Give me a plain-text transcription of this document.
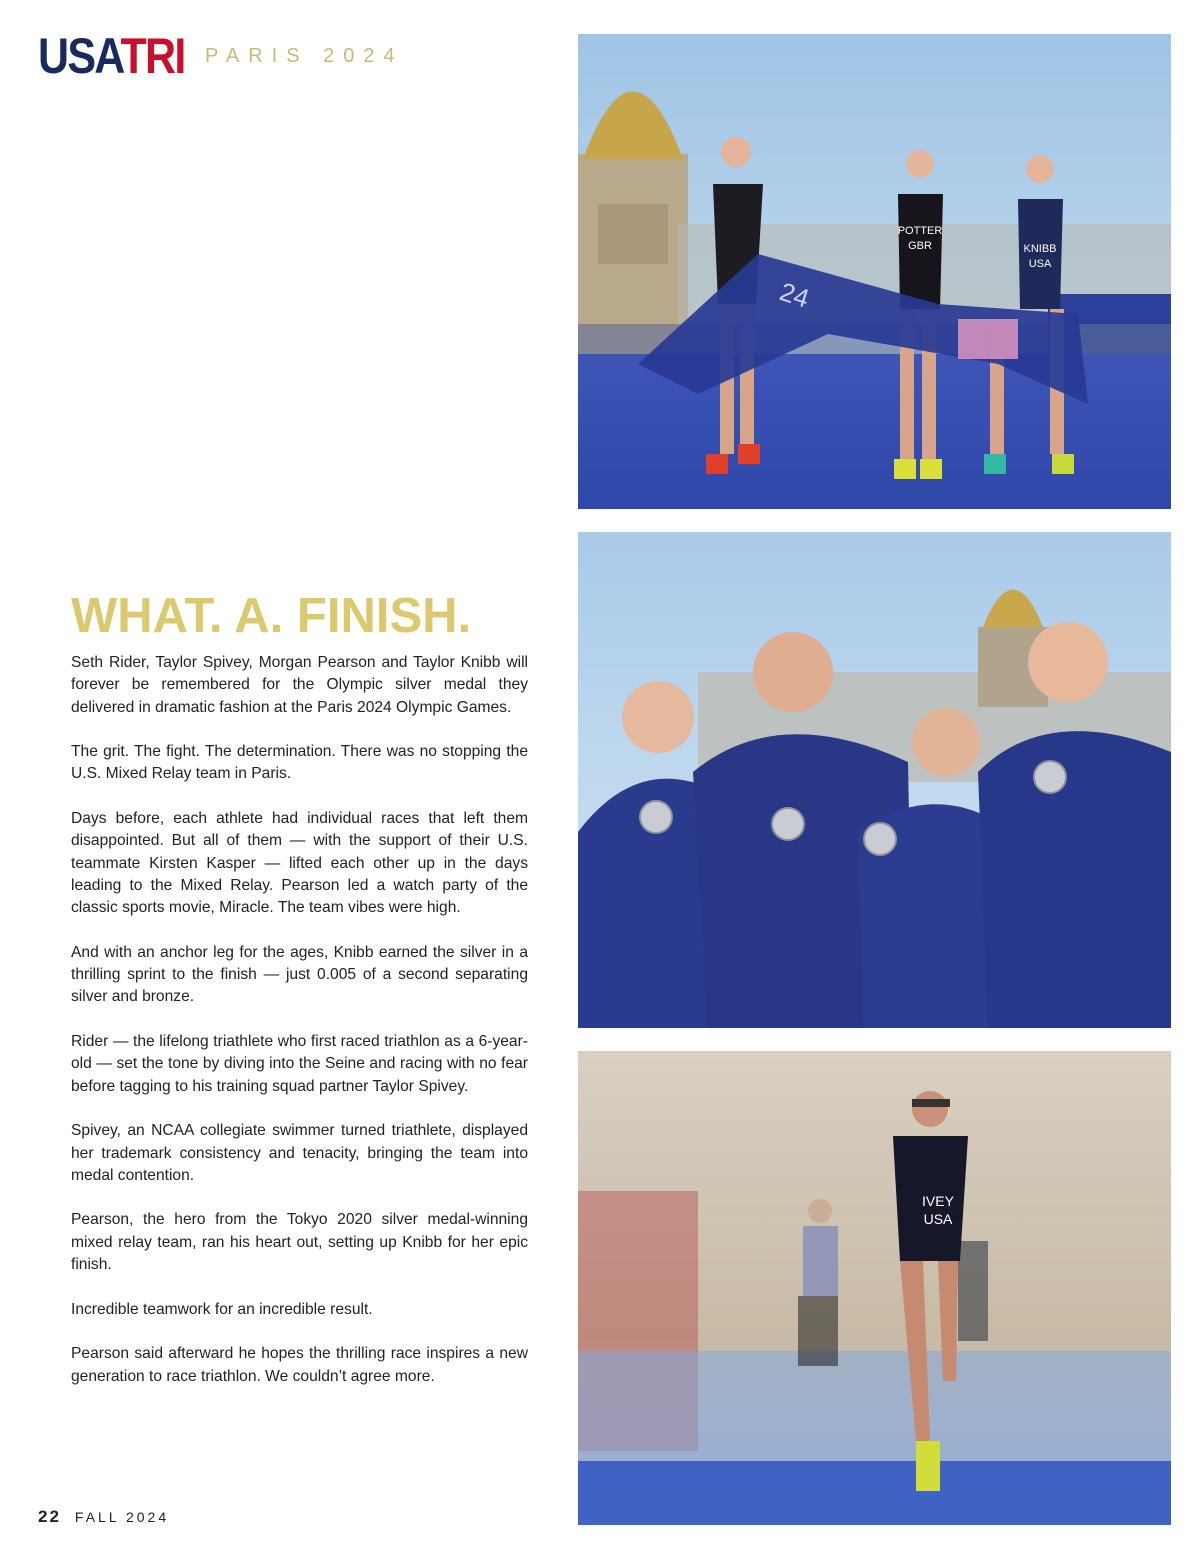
USATRI PARIS 2024
WHAT. A. FINISH.

Seth Rider, Taylor Spivey, Morgan Pearson and Taylor Knibb will forever be remembered for the Olympic silver medal they delivered in dramatic fashion at the Paris 2024 Olympic Games.

The grit. The fight. The determination. There was no stopping the U.S. Mixed Relay team in Paris.

Days before, each athlete had individual races that left them disappointed. But all of them — with the support of their U.S. teammate Kirsten Kasper — lifted each other up in the days leading to the Mixed Relay. Pearson led a watch party of the classic sports movie, Miracle. The team vibes were high.

And with an anchor leg for the ages, Knibb earned the silver in a thrilling sprint to the finish — just 0.005 of a second separating silver and bronze.

Rider — the lifelong triathlete who first raced triathlon as a 6-year-old — set the tone by diving into the Seine and racing with no fear before tagging to his training squad partner Taylor Spivey.

Spivey, an NCAA collegiate swimmer turned triathlete, displayed her trademark consistency and tenacity, bringing the team into medal contention.

Pearson, the hero from the Tokyo 2020 silver medal-winning mixed relay team, ran his heart out, setting up Knibb for her epic finish.

Incredible teamwork for an incredible result.

Pearson said afterward he hopes the thrilling race inspires a new generation to race triathlon. We couldn’t agree more.

22 FALL 2024
POTTER
GBR	KNIBB
USA
24
IVEY
USA
